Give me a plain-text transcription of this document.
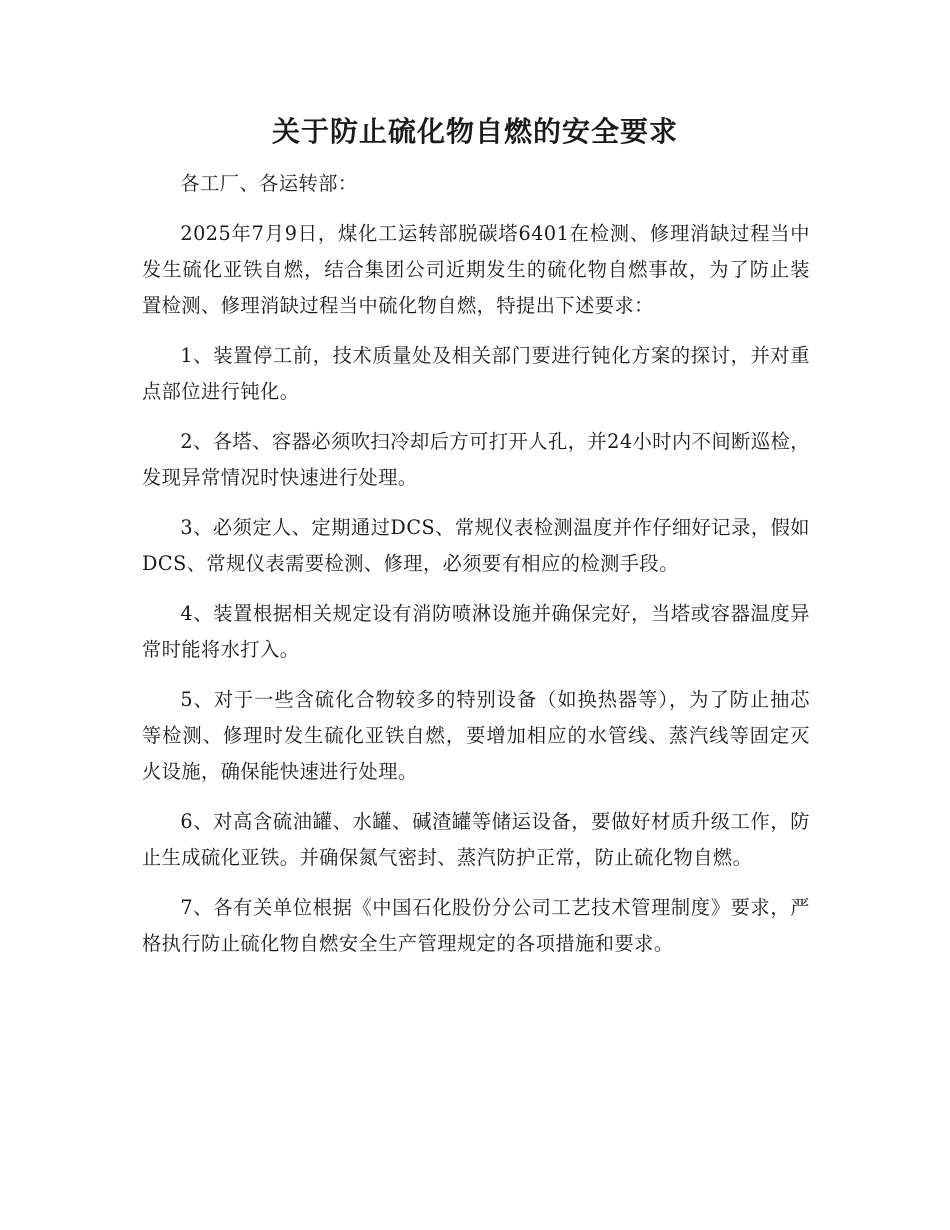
关于防止硫化物自燃的安全要求

各工厂、各运转部：

2025年7月9日，煤化工运转部脱碳塔6401在检测、修理消缺过程当中发生硫化亚铁自燃，结合集团公司近期发生的硫化物自燃事故，为了防止装置检测、修理消缺过程当中硫化物自燃，特提出下述要求：

1、装置停工前，技术质量处及相关部门要进行钝化方案的探讨，并对重点部位进行钝化。

2、各塔、容器必须吹扫冷却后方可打开人孔，并24小时内不间断巡检，发现异常情况时快速进行处理。

3、必须定人、定期通过DCS、常规仪表检测温度并作仔细好记录，假如DCS、常规仪表需要检测、修理，必须要有相应的检测手段。

4、装置根据相关规定设有消防喷淋设施并确保完好，当塔或容器温度异常时能将水打入。

5、对于一些含硫化合物较多的特别设备（如换热器等），为了防止抽芯等检测、修理时发生硫化亚铁自燃，要增加相应的水管线、蒸汽线等固定灭火设施，确保能快速进行处理。

6、对高含硫油罐、水罐、碱渣罐等储运设备，要做好材质升级工作，防止生成硫化亚铁。并确保氮气密封、蒸汽防护正常，防止硫化物自燃。

7、各有关单位根据《中国石化股份分公司工艺技术管理制度》要求，严格执行防止硫化物自燃安全生产管理规定的各项措施和要求。
